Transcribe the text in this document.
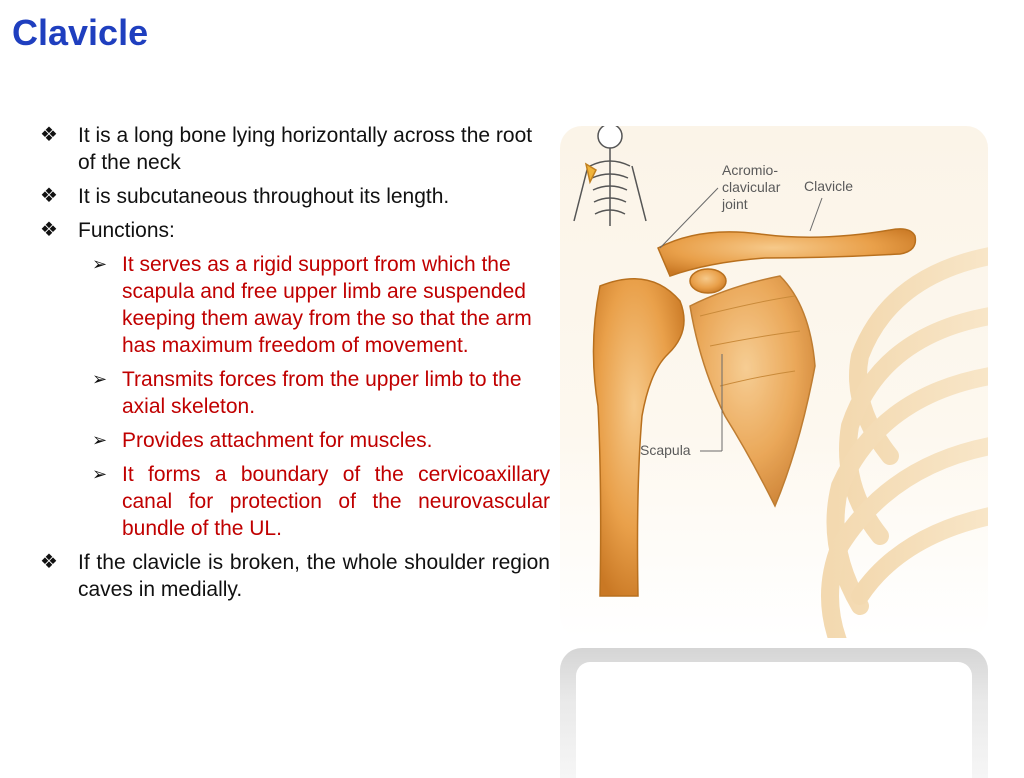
Clavicle
❖ It is a long bone lying horizontally across the root of the neck
❖ It is subcutaneous throughout its length.
❖ Functions:
➢ It serves as a rigid support from which the scapula and free upper limb are suspended keeping them away from the so that the arm has maximum freedom of movement.
➢ Transmits forces from the upper limb to the axial skeleton.
➢ Provides attachment for muscles.
➢ It forms a boundary of the cervicoaxillary canal for protection of the neurovascular bundle of the UL.
❖ If the clavicle is broken, the whole shoulder region caves in medially.
Acromio-
clavicular
joint
Clavicle
Scapula
